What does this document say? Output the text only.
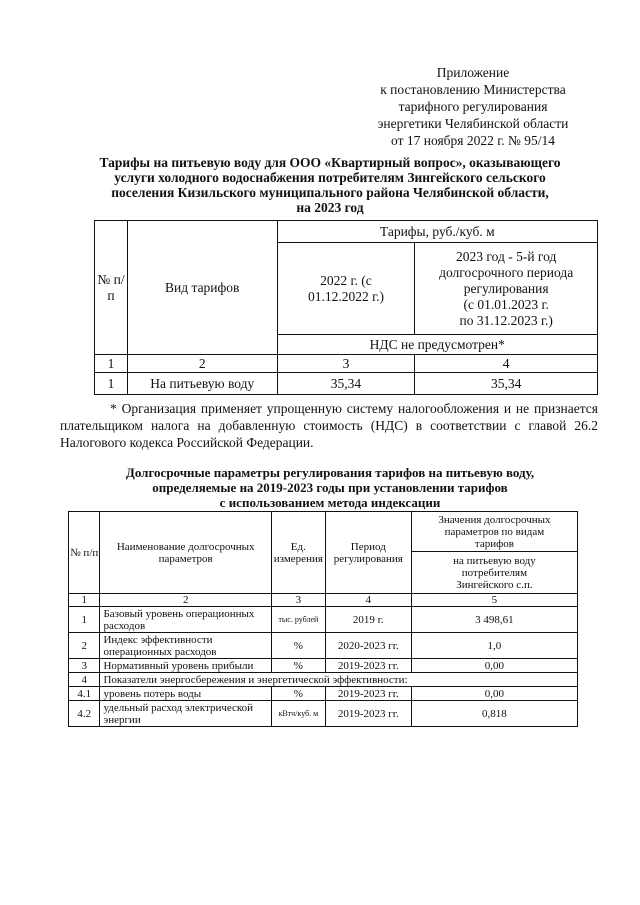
Приложение
к постановлению Министерства
тарифного регулирования
энергетики Челябинской области
от 17 ноября 2022 г. № 95/14
Тарифы на питьевую воду для ООО «Квартирный вопрос», оказывающего
услуги холодного водоснабжения потребителям Зингейского сельского
поселения Кизильского муниципального района Челябинской области,
на 2023 год
№ п/п	Вид тарифов	Тарифы, руб./куб. м	
		2022 г. (с 01.12.2022 г.)	2023 год - 5-й год
долгосрочного периода
регулирования
(с 01.01.2023 г.
по 31.12.2023 г.)

		НДС не предусмотрен*	
1	2	3	4
1	На питьевую воду	35,34	35,34
* Организация применяет упрощенную систему налогообложения и не признается плательщиком налога на добавленную стоимость (НДС) в соответствии с главой 26.2 Налогового кодекса Российской Федерации.
Долгосрочные параметры регулирования тарифов на питьевую воду,
определяемые на 2019-2023 годы при установлении тарифов
с использованием метода индексации
№ п/п	Наименование долгосрочных параметров	Ед. измерения	Период регулирования	Значения долгосрочных параметров по видам тарифов
				на питьевую воду потребителям Зингейского с.п.
1	2	3	4	5
1	Базовый уровень операционных расходов	тыс. рублей	2019 г.	3 498,61
2	Индекс эффективности операционных расходов	%	2020-2023 гг.	1,0
3	Нормативный уровень прибыли	%	2019-2023 гг.	0,00
4	Показатели энергосбережения и энергетической эффективности:			
4.1	уровень потерь воды	%	2019-2023 гг.	0,00
4.2	удельный расход электрической энергии	кВтч/куб. м	2019-2023 гг.	0,818
